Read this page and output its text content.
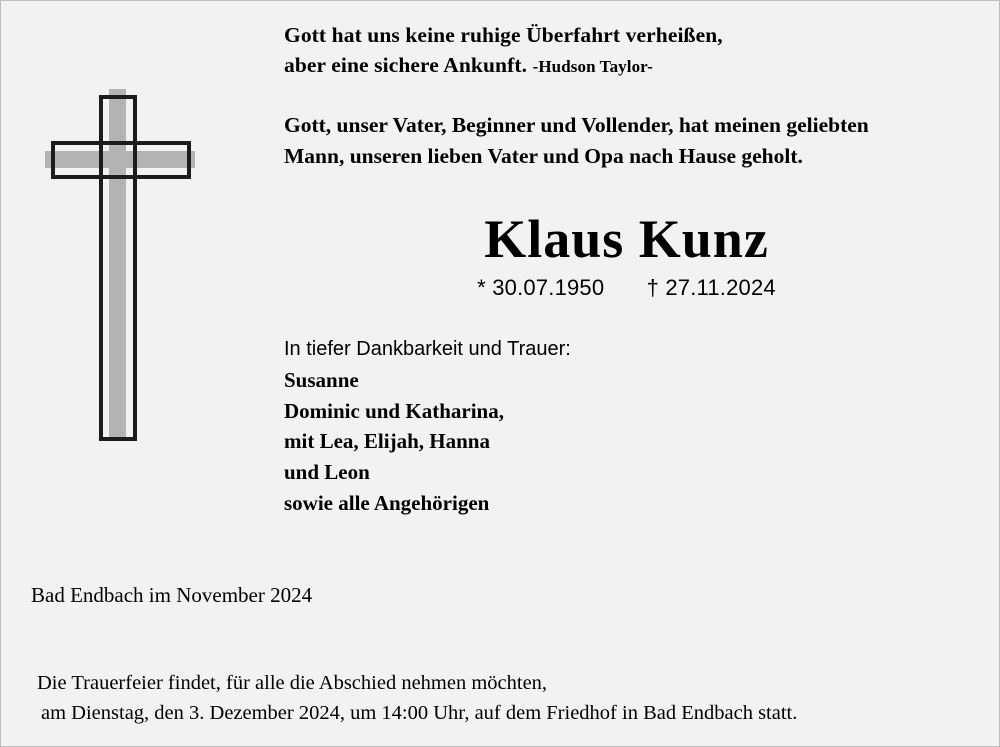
Gott hat uns keine ruhige Überfahrt verheißen,
aber eine sichere Ankunft. -Hudson Taylor-
Gott, unser Vater, Beginner und Vollender, hat meinen geliebten Mann, unseren lieben Vater und Opa nach Hause geholt.
Klaus Kunz
* 30.07.1950 † 27.11.2024
In tiefer Dankbarkeit und Trauer:
Susanne
Dominic und Katharina,
mit Lea, Elijah, Hanna
und Leon
sowie alle Angehörigen
Bad Endbach im November 2024
Die Trauerfeier findet, für alle die Abschied nehmen möchten,
am Dienstag, den 3. Dezember 2024, um 14:00 Uhr, auf dem Friedhof in Bad Endbach statt.
